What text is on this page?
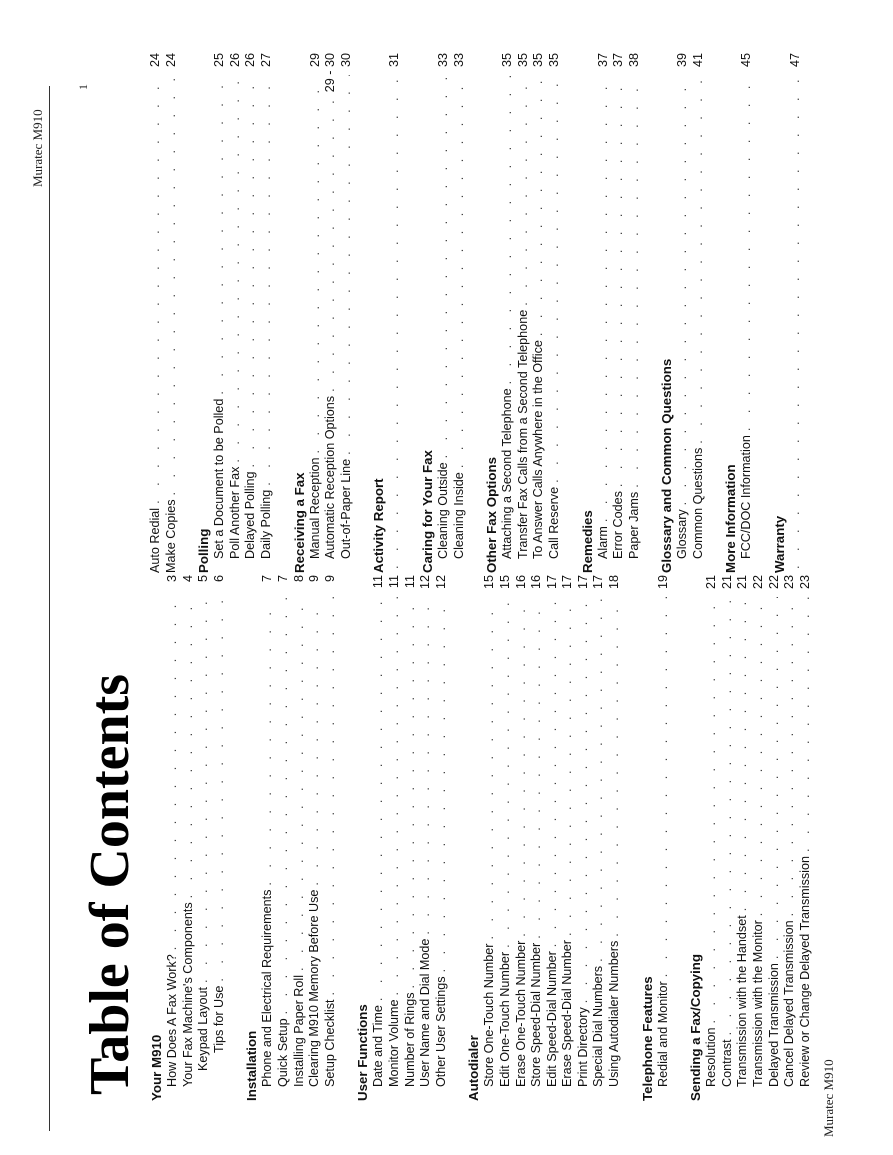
Muratec M910
1
Table of Contents Your M910 How Does A Fax Work?
. . .
3
Your Fax Machine's Components
. . .
4
Keypad Layout
. . .
5
Tips for Use
. . .
6
Installation Phone and Electrical Requirements
. . .
7
Quick Setup
. . .
7
Installing Paper Roll
. . .
8
Clearing M910 Memory Before Use
. . .
9
Setup Checklist
. . .
9
User Functions Date and Time
. . .
11
Monitor Volume
. . .
11
Number of Rings
. . .
11
User Name and Dial Mode
. . .
12
Other User Settings
. . .
12
Autodialer Store One-Touch Number
. . .
15
Edit One-Touch Number
. . .
15
Erase One-Touch Number
. . .
16
Store Speed-Dial Number
. . .
16
Edit Speed-Dial Number
. . .
17
Erase Speed-Dial Number
. . .
17
Print Directory
. . .
17
Special Dial Numbers
. . .
17
Using Autodialer Numbers
. . .
18
Telephone Features Redial and Monitor
. . .
19
Sending a Fax/Copying Resolution
. . .
21
Contrast
. . .
21
Transmission with the Handset
. . .
21
Transmission with the Monitor
. . .
22
Delayed Transmission
. . .
22
Cancel Delayed Transmission
. . .
23
Review or Change Delayed Transmission
. . .
23
Auto Redial
. . .
24
Make Copies
. . .
24
Polling Set a Document to be Polled
. . .
25
Poll Another Fax
. . .
26
Delayed Polling
. . .
26
Daily Polling
. . .
27
Receiving a Fax Manual Reception
. . .
29
Automatic Reception Options
. . .
29 - 30
Out-of-Paper Line
. . .
30
Activity Report
. . .
31
Caring for Your Fax Cleaning Outside
. . .
33
Cleaning Inside
. . .
33
Other Fax Options Attaching a Second Telephone
. . .
35
Transfer Fax Calls from a Second Telephone
. . .
35
To Answer Calls Anywhere in the Office
. . .
35
Call Reserve
. . .
35
Remedies Alarm
. . .
37
Error Codes
. . .
37
Paper Jams
. . .
38
Glossary and Common Questions Glossary
. . .
39
Common Questions
. . .
41
More Information FCC/DOC Information
. . .
45
Warranty
. . .
47
Muratec M910
